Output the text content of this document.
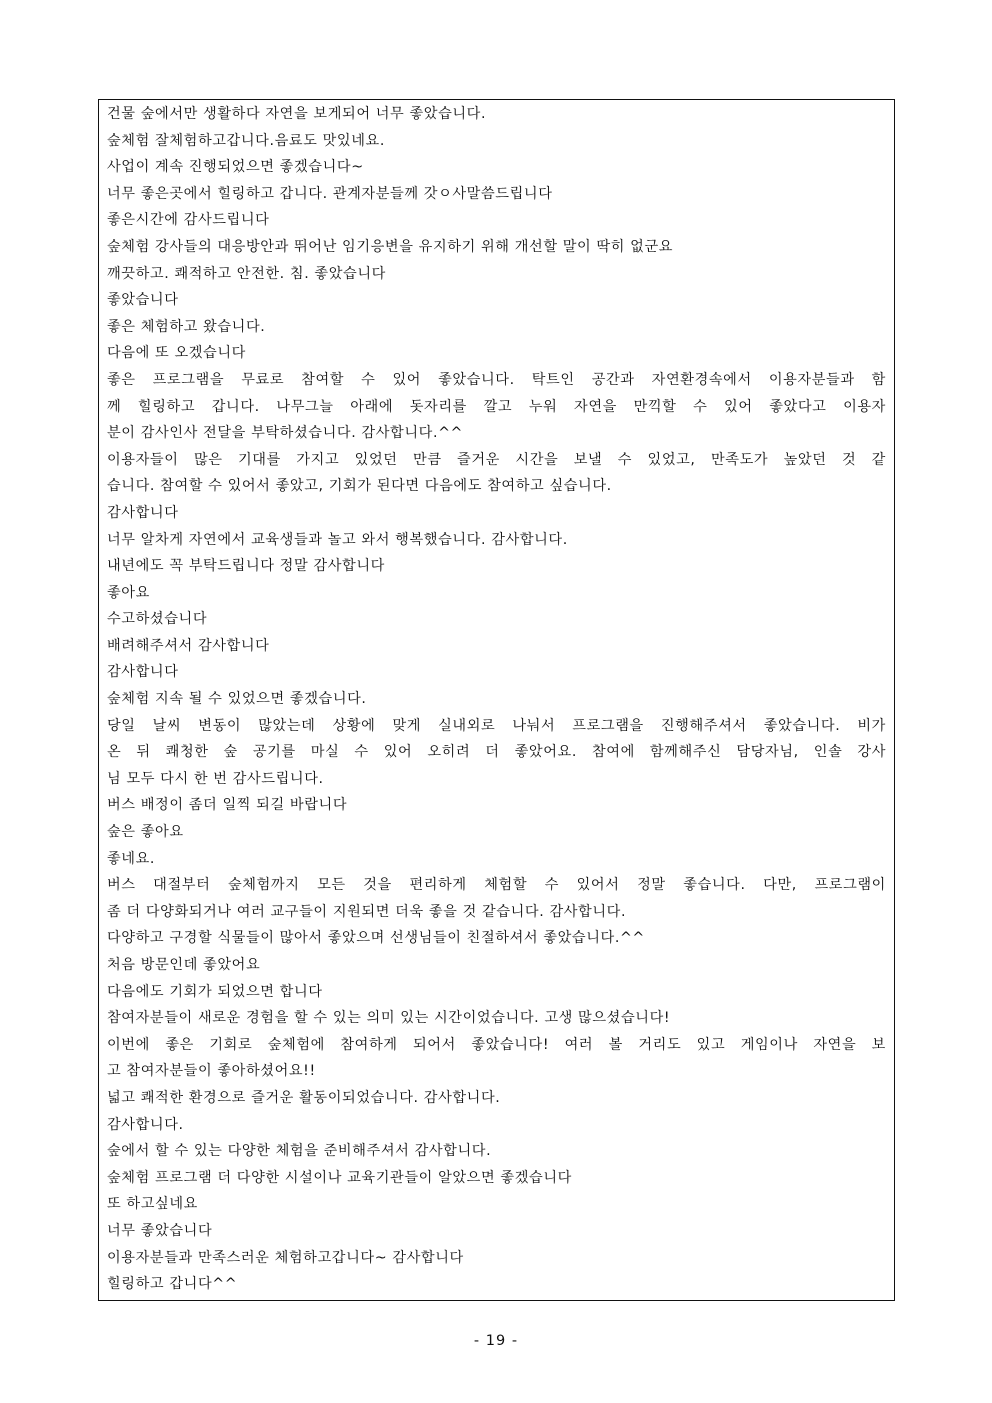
건물 숲에서만 생활하다 자연을 보게되어 너무 좋았습니다.
숲체험 잘체험하고갑니다.음료도 맛있네요.
사업이 계속 진행되었으면 좋겠습니다~
너무 좋은곳에서 힐링하고 갑니다. 관계자분들께 갓ㅇ사말씀드립니다
좋은시간에 감사드립니다
숲체험 강사들의 대응방안과 뛰어난 임기응변을 유지하기 위해 개선할 말이 딱히 없군요
깨끗하고. 쾌적하고 안전한. 침. 좋았습니다
좋았습니다
좋은 체험하고 왔습니다.
다음에 또 오겠습니다
좋은 프로그램을 무료로 참여할 수 있어 좋았습니다. 탁트인 공간과 자연환경속에서 이용자분들과 함
께 힐링하고 갑니다. 나무그늘 아래에 돗자리를 깔고 누워 자연을 만끽할 수 있어 좋았다고 이용자
분이 감사인사 전달을 부탁하셨습니다. 감사합니다.^^
이용자들이 많은 기대를 가지고 있었던 만큼 즐거운 시간을 보낼 수 있었고, 만족도가 높았던 것 같
습니다. 참여할 수 있어서 좋았고, 기회가 된다면 다음에도 참여하고 싶습니다.
감사합니다
너무 알차게 자연에서 교육생들과 놀고 와서 행복했습니다. 감사합니다.
내년에도 꼭 부탁드립니다 정말 감사합니다
좋아요
수고하셨습니다
배려해주셔서 감사합니다
감사합니다
숲체험 지속 될 수 있었으면 좋겠습니다.
당일 날씨 변동이 많았는데 상황에 맞게 실내외로 나눠서 프로그램을 진행해주셔서 좋았습니다. 비가
온 뒤 쾌청한 숲 공기를 마실 수 있어 오히려 더 좋았어요. 참여에 함께해주신 담당자님, 인솔 강사
님 모두 다시 한 번 감사드립니다.
버스 배정이 좀더 일찍 되길 바랍니다
숲은 좋아요
좋네요.
버스 대절부터 숲체험까지 모든 것을 편리하게 체험할 수 있어서 정말 좋습니다. 다만, 프로그램이
좀 더 다양화되거나 여러 교구들이 지원되면 더욱 좋을 것 같습니다. 감사합니다.
다양하고 구경할 식물들이 많아서 좋았으며 선생님들이 친절하셔서 좋았습니다.^^
처음 방문인데 좋았어요
다음에도 기회가 되었으면 합니다
참여자분들이 새로운 경험을 할 수 있는 의미 있는 시간이었습니다. 고생 많으셨습니다!
이번에 좋은 기회로 숲체험에 참여하게 되어서 좋았습니다! 여러 볼 거리도 있고 게임이나 자연을 보
고 참여자분들이 좋아하셨어요!!
넓고 쾌적한 환경으로 즐거운 활동이되었습니다. 감사합니다.
감사합니다.
숲에서 할 수 있는 다양한 체험을 준비해주셔서 감사합니다.
숲체험 프로그램 더 다양한 시설이나 교육기관들이 알았으면 좋겠습니다
또 하고싶네요
너무 좋았습니다
이용자분들과 만족스러운 체험하고갑니다~ 감사합니다
힐링하고 갑니다^^
- 19 -
